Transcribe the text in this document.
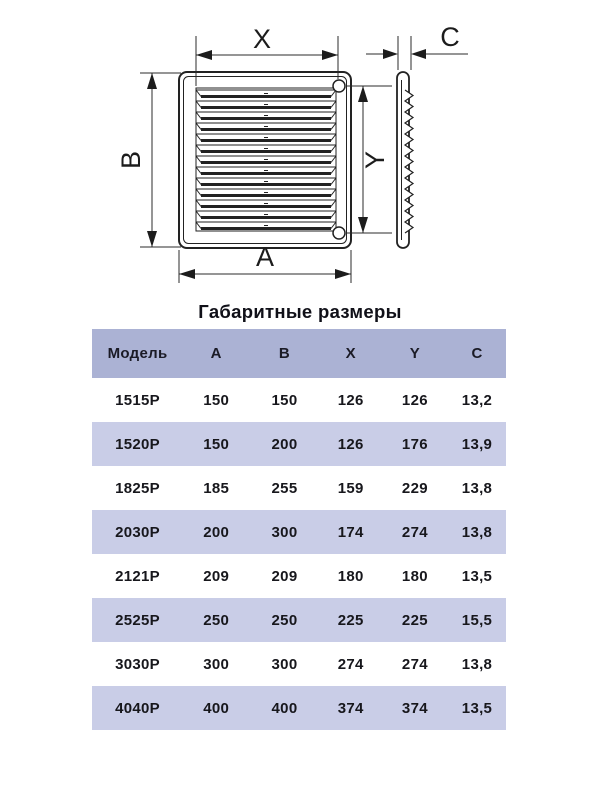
X
B
A
Y
C
Габаритные размеры
Модель	A	B	X	Y	C
1515Р	150	150	126	126	13,2
1520Р	150	200	126	176	13,9
1825Р	185	255	159	229	13,8
2030Р	200	300	174	274	13,8
2121Р	209	209	180	180	13,5
2525Р	250	250	225	225	15,5
3030Р	300	300	274	274	13,8
4040Р	400	400	374	374	13,5
